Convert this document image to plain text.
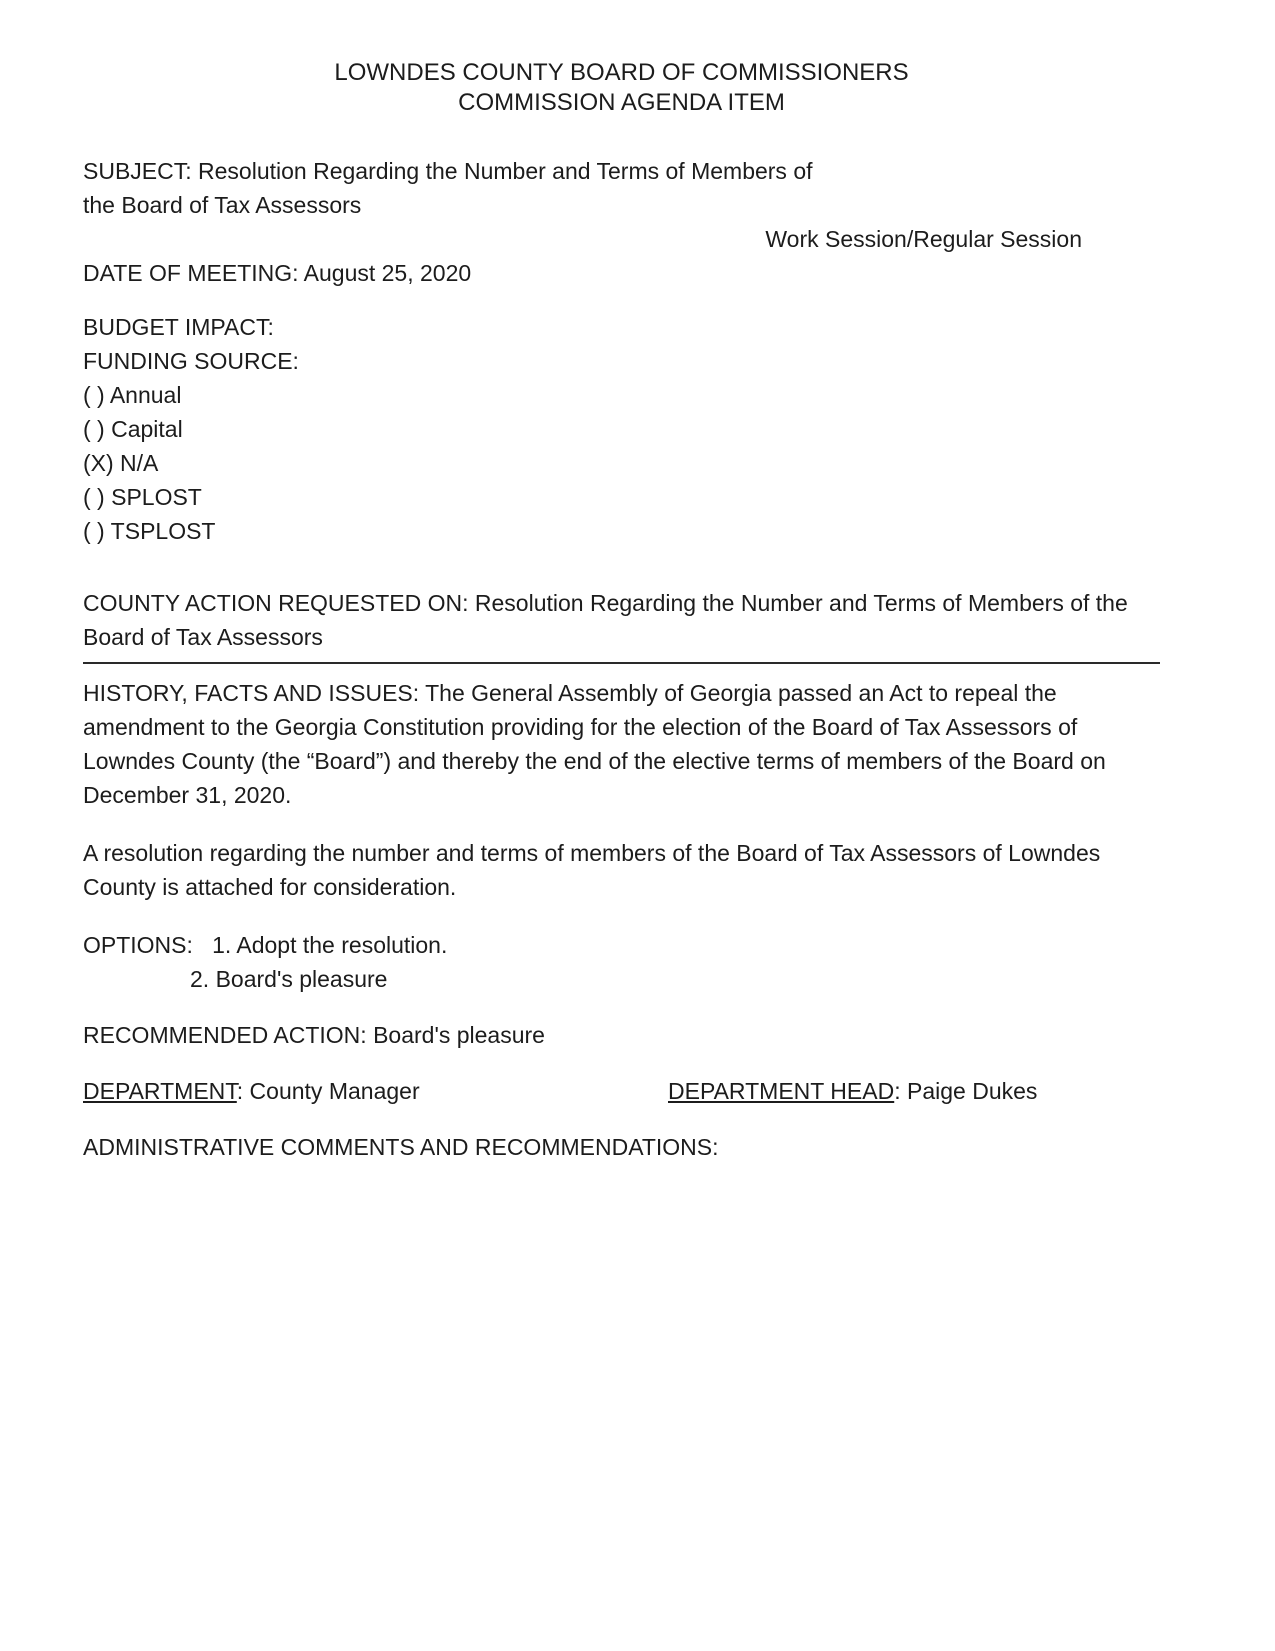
LOWNDES COUNTY BOARD OF COMMISSIONERS
COMMISSION AGENDA ITEM
SUBJECT: Resolution Regarding the Number and Terms of Members of
the Board of Tax Assessors
Work Session/Regular Session
DATE OF MEETING: August 25, 2020
BUDGET IMPACT:
FUNDING SOURCE:
( ) Annual
( ) Capital
(X) N/A
( ) SPLOST
( ) TSPLOST
COUNTY ACTION REQUESTED ON: Resolution Regarding the Number and Terms of Members of the Board of Tax Assessors
HISTORY, FACTS AND ISSUES: The General Assembly of Georgia passed an Act to repeal the amendment to the Georgia Constitution providing for the election of the Board of Tax Assessors of Lowndes County (the “Board”) and thereby the end of the elective terms of members of the Board on December 31, 2020.
A resolution regarding the number and terms of members of the Board of Tax Assessors of Lowndes County is attached for consideration.
OPTIONS: 1. Adopt the resolution.
2. Board's pleasure
RECOMMENDED ACTION: Board's pleasure
DEPARTMENT: County Manager	DEPARTMENT HEAD: Paige Dukes
ADMINISTRATIVE COMMENTS AND RECOMMENDATIONS:
